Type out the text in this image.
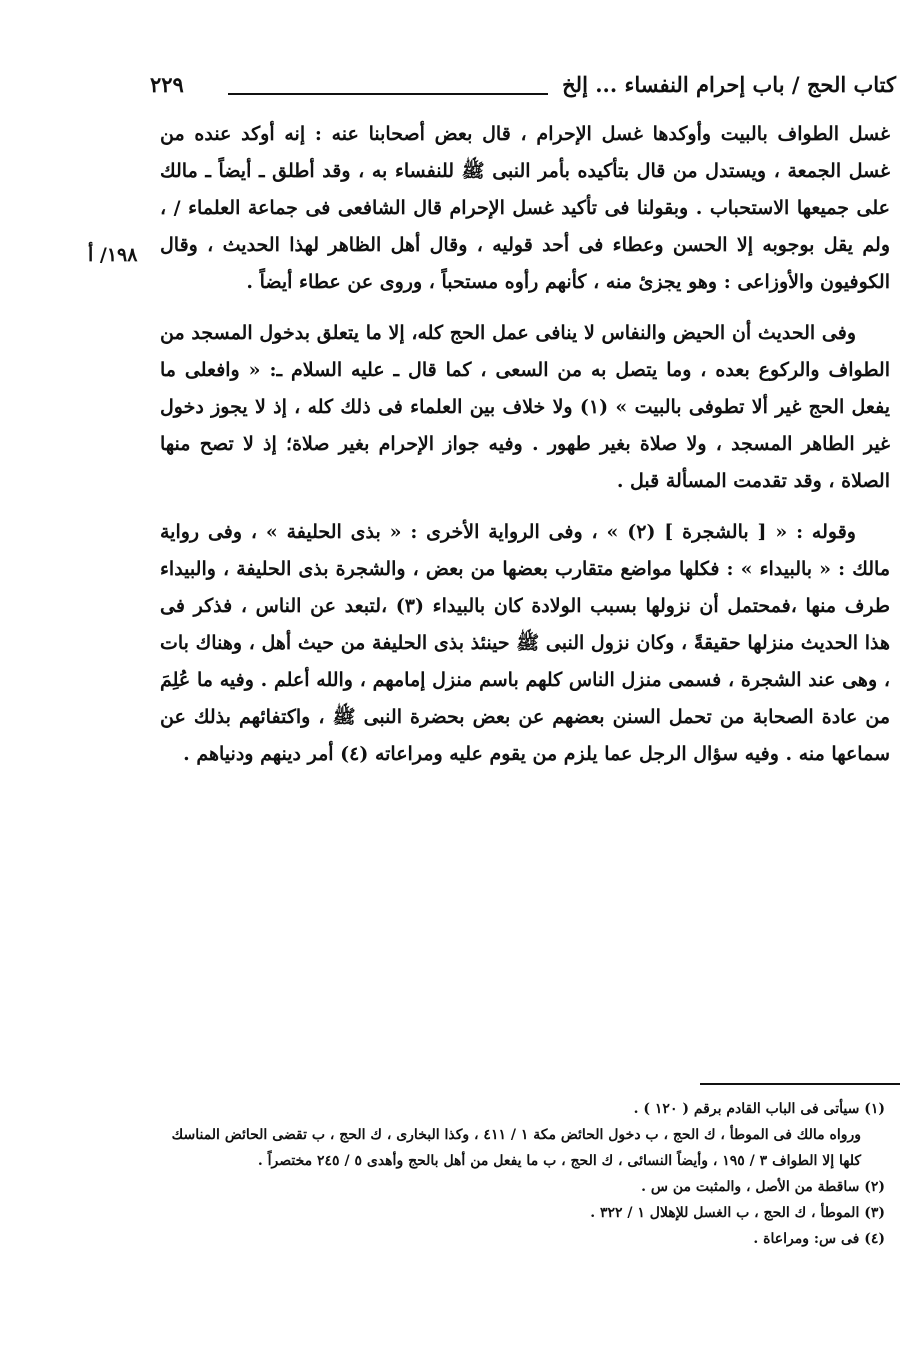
كتاب الحج / باب إحرام النفساء ... إلخ
٢٢٩
١٩٨/ أ

غسل الطواف بالبيت وأوكدها غسل الإحرام ، قال بعض أصحابنا عنه : إنه أوكد عنده من غسل الجمعة ، ويستدل من قال بتأكيده بأمر النبى ﷺ للنفساء به ، وقد أطلق ـ أيضاً ـ مالك على جميعها الاستحباب . وبقولنا فى تأكيد غسل الإحرام قال الشافعى فى جماعة العلماء / ، ولم يقل بوجوبه إلا الحسن وعطاء فى أحد قوليه ، وقال أهل الظاهر لهذا الحديث ، وقال الكوفيون والأوزاعى : وهو يجزئ منه ، كأنهم رأوه مستحباً ، وروى عن عطاء أيضاً .

وفى الحديث أن الحيض والنفاس لا ينافى عمل الحج كله، إلا ما يتعلق بدخول المسجد من الطواف والركوع بعده ، وما يتصل به من السعى ، كما قال ـ عليه السلام ـ: « وافعلى ما يفعل الحج غير ألا تطوفى بالبيت » (١) ولا خلاف بين العلماء فى ذلك كله ، إذ لا يجوز دخول غير الطاهر المسجد ، ولا صلاة بغير طهور . وفيه جواز الإحرام بغير صلاة؛ إذ لا تصح منها الصلاة ، وقد تقدمت المسألة قبل .

وقوله : « [ بالشجرة ] (٢) » ، وفى الرواية الأخرى : « بذى الحليفة » ، وفى رواية مالك : « بالبيداء » : فكلها مواضع متقارب بعضها من بعض ، والشجرة بذى الحليفة ، والبيداء طرف منها ،فمحتمل أن نزولها بسبب الولادة كان بالبيداء (٣) ،لتبعد عن الناس ، فذكر فى هذا الحديث منزلها حقيقةً ، وكان نزول النبى ﷺ حينئذ بذى الحليفة من حيث أهل ، وهناك بات ، وهى عند الشجرة ، فسمى منزل الناس كلهم باسم منزل إمامهم ، والله أعلم . وفيه ما عُلِمَ من عادة الصحابة من تحمل السنن بعضهم عن بعض بحضرة النبى ﷺ ، واكتفائهم بذلك عن سماعها منه . وفيه سؤال الرجل عما يلزم من يقوم عليه ومراعاته (٤) أمر دينهم ودنياهم .

(١) سيأتى فى الباب القادم برقم ( ١٢٠ ) .

ورواه مالك فى الموطأ ، ك الحج ، ب دخول الحائض مكة ١ / ٤١١ ، وكذا البخارى ، ك الحج ، ب تقضى الحائض المناسك كلها إلا الطواف ٣ / ١٩٥ ، وأيضاً النسائى ، ك الحج ، ب ما يفعل من أهل بالحج وأهدى ٥ / ٢٤٥ مختصراً .

(٢) ساقطة من الأصل ، والمثبت من س .

(٣) الموطأ ، ك الحج ، ب الغسل للإهلال ١ / ٣٢٢ .

(٤) فى س: ومراعاة .
